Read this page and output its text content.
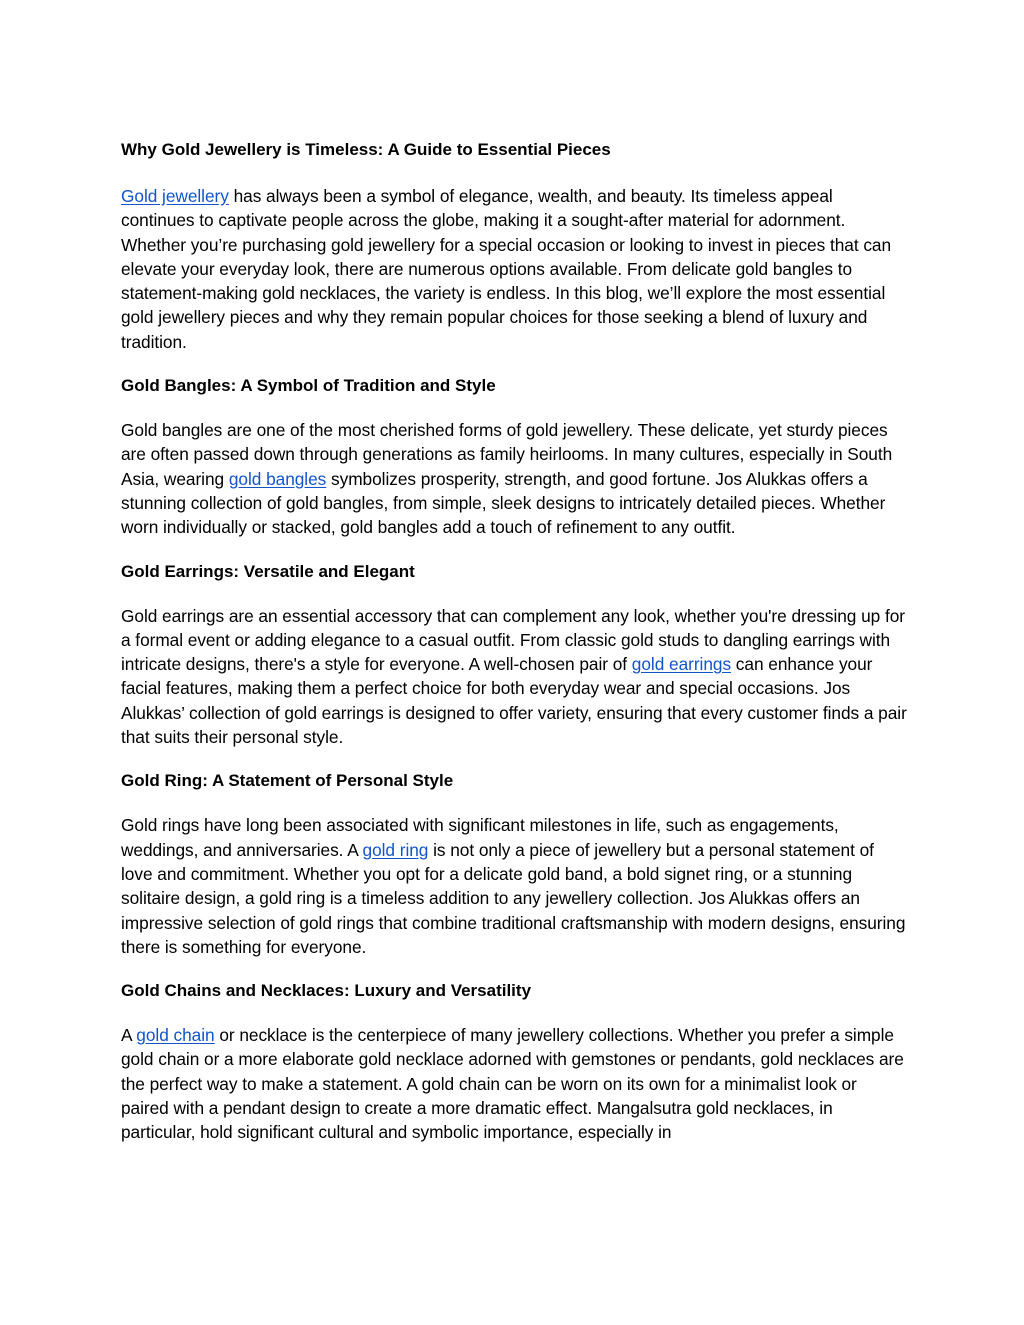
Why Gold Jewellery is Timeless: A Guide to Essential Pieces

Gold jewellery has always been a symbol of elegance, wealth, and beauty. Its timeless appeal continues to captivate people across the globe, making it a sought-after material for adornment. Whether you’re purchasing gold jewellery for a special occasion or looking to invest in pieces that can elevate your everyday look, there are numerous options available. From delicate gold bangles to statement-making gold necklaces, the variety is endless. In this blog, we’ll explore the most essential gold jewellery pieces and why they remain popular choices for those seeking a blend of luxury and tradition.

Gold Bangles: A Symbol of Tradition and Style

Gold bangles are one of the most cherished forms of gold jewellery. These delicate, yet sturdy pieces are often passed down through generations as family heirlooms. In many cultures, especially in South Asia, wearing gold bangles symbolizes prosperity, strength, and good fortune. Jos Alukkas offers a stunning collection of gold bangles, from simple, sleek designs to intricately detailed pieces. Whether worn individually or stacked, gold bangles add a touch of refinement to any outfit.

Gold Earrings: Versatile and Elegant

Gold earrings are an essential accessory that can complement any look, whether you're dressing up for a formal event or adding elegance to a casual outfit. From classic gold studs to dangling earrings with intricate designs, there's a style for everyone. A well-chosen pair of gold earrings can enhance your facial features, making them a perfect choice for both everyday wear and special occasions. Jos Alukkas’ collection of gold earrings is designed to offer variety, ensuring that every customer finds a pair that suits their personal style.

Gold Ring: A Statement of Personal Style

Gold rings have long been associated with significant milestones in life, such as engagements, weddings, and anniversaries. A gold ring is not only a piece of jewellery but a personal statement of love and commitment. Whether you opt for a delicate gold band, a bold signet ring, or a stunning solitaire design, a gold ring is a timeless addition to any jewellery collection. Jos Alukkas offers an impressive selection of gold rings that combine traditional craftsmanship with modern designs, ensuring there is something for everyone.

Gold Chains and Necklaces: Luxury and Versatility

A gold chain or necklace is the centerpiece of many jewellery collections. Whether you prefer a simple gold chain or a more elaborate gold necklace adorned with gemstones or pendants, gold necklaces are the perfect way to make a statement. A gold chain can be worn on its own for a minimalist look or paired with a pendant design to create a more dramatic effect. Mangalsutra gold necklaces, in particular, hold significant cultural and symbolic importance, especially in
